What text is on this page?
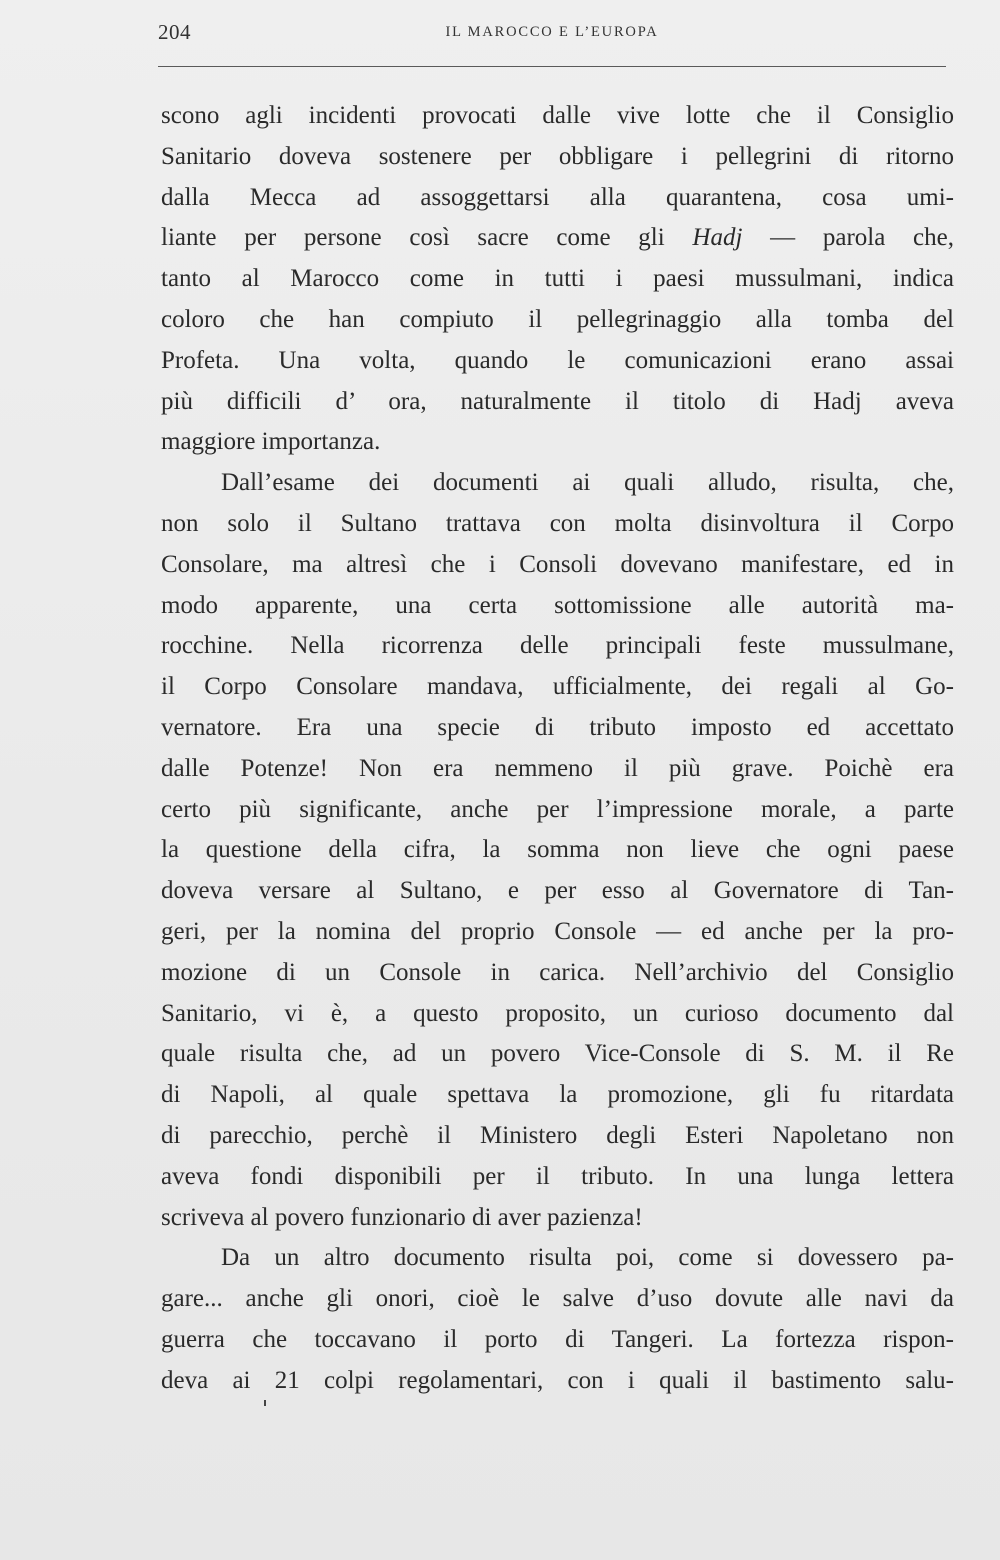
204	IL MAROCCO E L’EUROPA
scono agli incidenti provocati dalle vive lotte che il Consiglio
Sanitario doveva sostenere per obbligare i pellegrini di ritorno
dalla Mecca ad assoggettarsi alla quarantena, cosa umi-
liante per persone così sacre come gli Hadj — parola che,
tanto al Marocco come in tutti i paesi mussulmani, indica
coloro che han compiuto il pellegrinaggio alla tomba del
Profeta. Una volta, quando le comunicazioni erano assai
più difficili d’ ora, naturalmente il titolo di Hadj aveva
maggiore importanza.
Dall’esame dei documenti ai quali alludo, risulta, che,
non solo il Sultano trattava con molta disinvoltura il Corpo
Consolare, ma altresì che i Consoli dovevano manifestare, ed in
modo apparente, una certa sottomissione alle autorità ma-
rocchine. Nella ricorrenza delle principali feste mussulmane,
il Corpo Consolare mandava, ufficialmente, dei regali al Go-
vernatore. Era una specie di tributo imposto ed accettato
dalle Potenze! Non era nemmeno il più grave. Poichè era
certo più significante, anche per l’impressione morale, a parte
la questione della cifra, la somma non lieve che ogni paese
doveva versare al Sultano, e per esso al Governatore di Tan-
geri, per la nomina del proprio Console — ed anche per la pro-
mozione di un Console in carica. Nell’archivio del Consiglio
Sanitario, vi è, a questo proposito, un curioso documento dal
quale risulta che, ad un povero Vice-Console di S. M. il Re
di Napoli, al quale spettava la promozione, gli fu ritardata
di parecchio, perchè il Ministero degli Esteri Napoletano non
aveva fondi disponibili per il tributo. In una lunga lettera
scriveva al povero funzionario di aver pazienza!
Da un altro documento risulta poi, come si dovessero pa-
gare... anche gli onori, cioè le salve d’uso dovute alle navi da
guerra che toccavano il porto di Tangeri. La fortezza rispon-
deva ai 21 colpi regolamentari, con i quali il bastimento salu-
